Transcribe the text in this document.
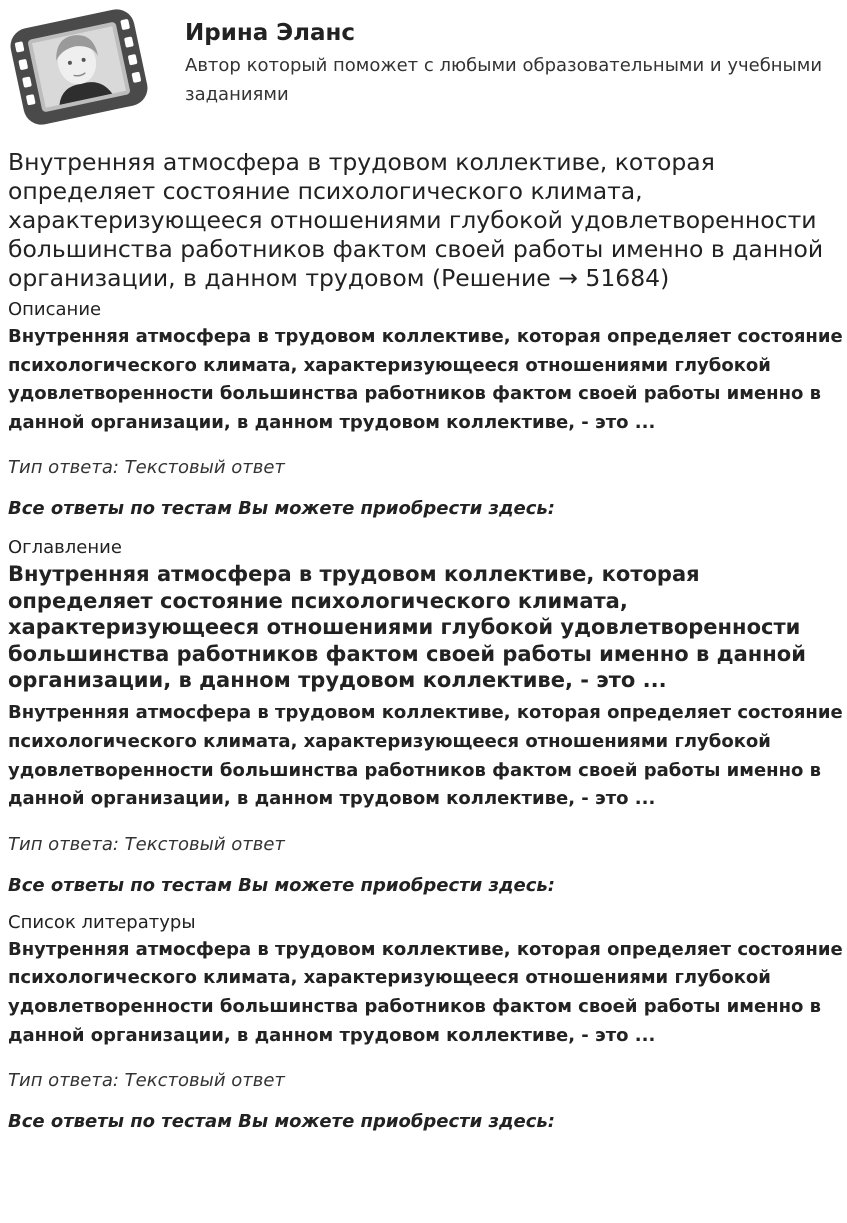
Ирина Эланс
Автор который поможет с любыми образовательными и учебными заданиями
Внутренняя атмосфера в трудовом коллективе, которая определяет состояние психологического климата, характеризующееся отношениями глубокой удовлетворенности большинства работников фактом своей работы именно в данной организации, в данном трудовом (Решение → 51684)
Описание

Внутренняя атмосфера в трудовом коллективе, которая определяет состояние психологического климата, характеризующееся отношениями глубокой удовлетворенности большинства работников фактом своей работы именно в данной организации, в данном трудовом коллективе, - это ...

Тип ответа: Текстовый ответ

Все ответы по тестам Вы можете приобрести здесь:

Оглавление
Внутренняя атмосфера в трудовом коллективе, которая определяет состояние психологического климата, характеризующееся отношениями глубокой удовлетворенности большинства работников фактом своей работы именно в данной организации, в данном трудовом коллективе, - это ...

Внутренняя атмосфера в трудовом коллективе, которая определяет состояние психологического климата, характеризующееся отношениями глубокой удовлетворенности большинства работников фактом своей работы именно в данной организации, в данном трудовом коллективе, - это ...

Тип ответа: Текстовый ответ

Все ответы по тестам Вы можете приобрести здесь:

Список литературы

Внутренняя атмосфера в трудовом коллективе, которая определяет состояние психологического климата, характеризующееся отношениями глубокой удовлетворенности большинства работников фактом своей работы именно в данной организации, в данном трудовом коллективе, - это ...

Тип ответа: Текстовый ответ

Все ответы по тестам Вы можете приобрести здесь:
